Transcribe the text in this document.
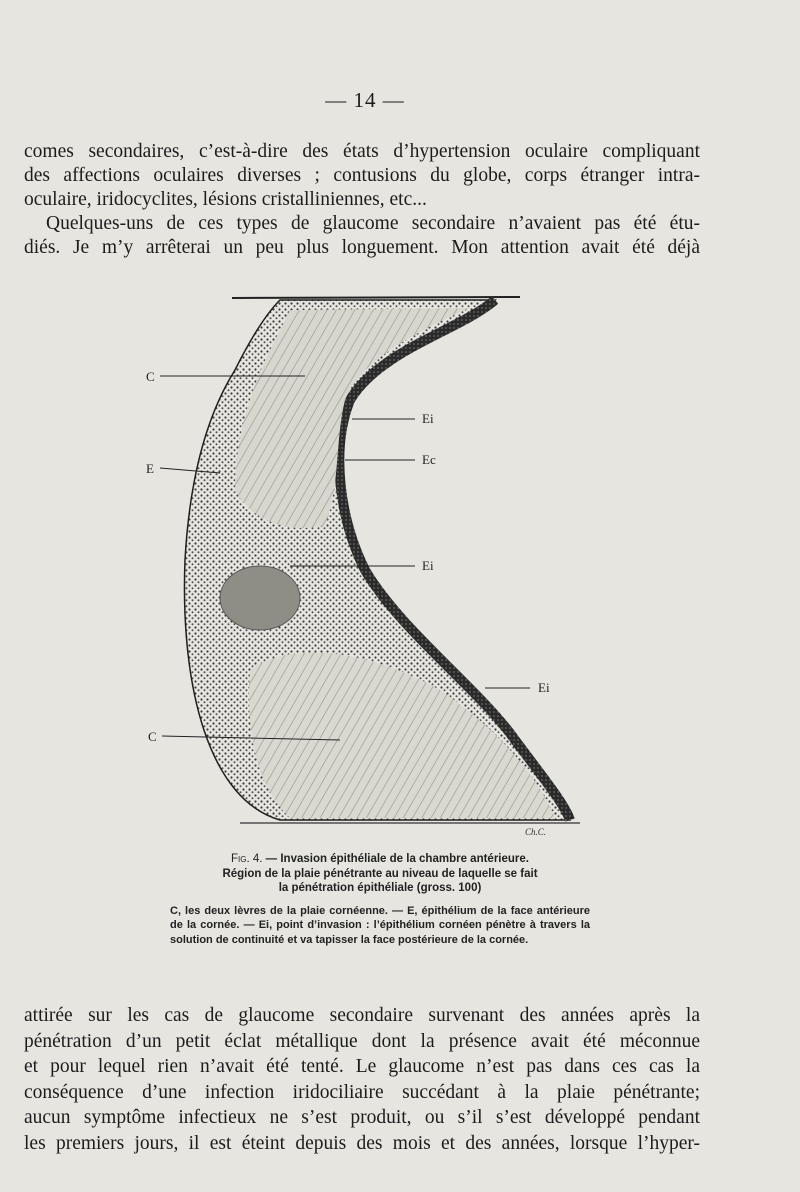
— 14 —
comes secondaires, c’est-à-dire des états d’hypertension oculaire compliquant
des affections oculaires diverses ; contusions du globe, corps étranger intra-
oculaire, iridocyclites, lésions cristalliniennes, etc...
Quelques-uns de ces types de glaucome secondaire n’avaient pas été étu-
diés. Je m’y arrêterai un peu plus longuement. Mon attention avait été déjà
C
E
Ei
Ec
Ei
Ei
C
Ch.C.
Fig. 4. — Invasion épithéliale de la chambre antérieure.
Région de la plaie pénétrante au niveau de laquelle se fait
la pénétration épithéliale (gross. 100)
C, les deux lèvres de la plaie cornéenne. — E, épithélium de la face antérieure de la cornée. — Ei, point d’invasion : l’épithélium cornéen pénètre à travers la solution de continuité et va tapisser la face postérieure de la cornée.
attirée sur les cas de glaucome secondaire survenant des années après la
pénétration d’un petit éclat métallique dont la présence avait été méconnue
et pour lequel rien n’avait été tenté. Le glaucome n’est pas dans ces cas la
conséquence d’une infection iridociliaire succédant à la plaie pénétrante;
aucun symptôme infectieux ne s’est produit, ou s’il s’est développé pendant
les premiers jours, il est éteint depuis des mois et des années, lorsque l’hyper-
